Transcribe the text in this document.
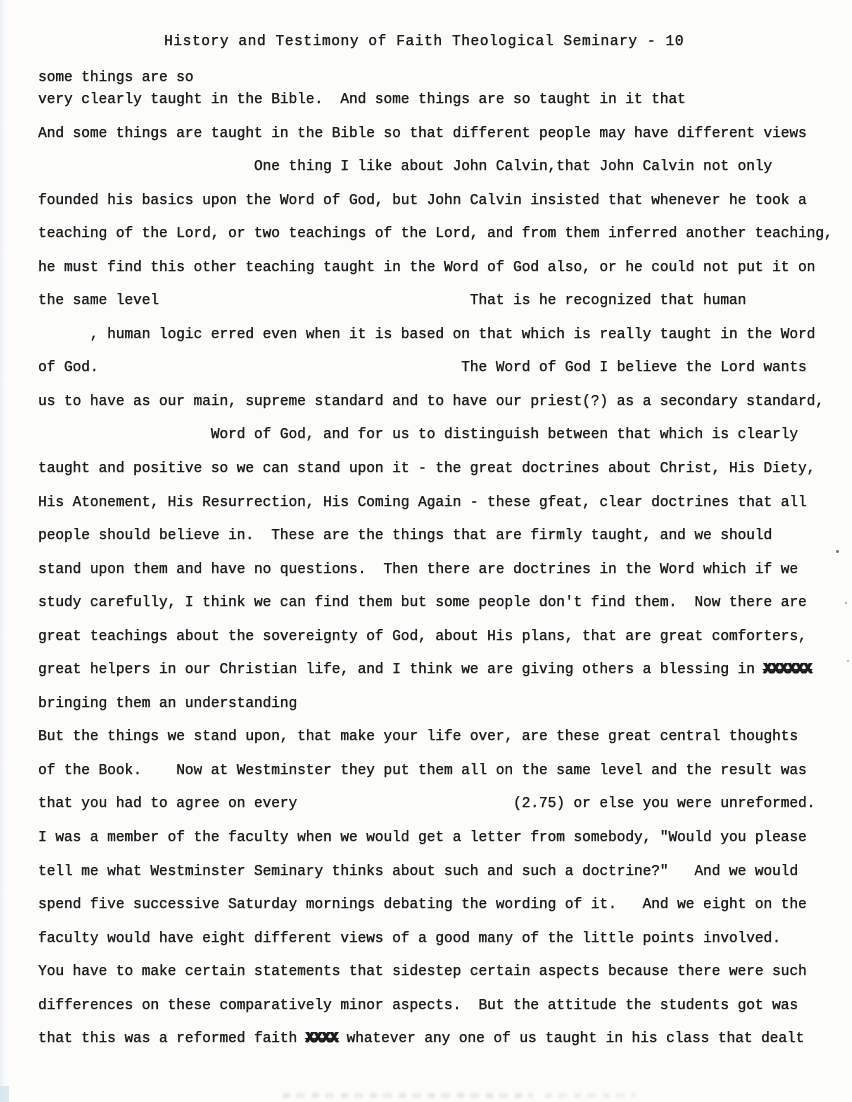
History and Testimony of Faith Theological Seminary - 10
some things are so
very clearly taught in the Bible.  And some things are so taught in it that
And some things are taught in the Bible so that different people may have different views
One thing I like about John Calvin,that John Calvin not only
founded his basics upon the Word of God, but John Calvin insisted that whenever he took a
teaching of the Lord, or two teachings of the Lord, and from them inferred another teaching,
he must find this other teaching taught in the Word of God also, or he could not put it on
the same level                                    That is he recognized that human
, human logic erred even when it is based on that which is really taught in the Word
of God.                                          The Word of God I believe the Lord wants
us to have as our main, supreme standard and to have our priest(?) as a secondary standard,
Word of God, and for us to distinguish between that which is clearly
taught and positive so we can stand upon it - the great doctrines about Christ, His Diety,
His Atonement, His Resurrection, His Coming Again - these gfeat, clear doctrines that all
people should believe in.  These are the things that are firmly taught, and we should
stand upon them and have no questions.  Then there are doctrines in the Word which if we
study carefully, I think we can find them but some people don't find them.  Now there are
great teachings about the sovereignty of God, about His plans, that are great comforters,
great helpers in our Christian life, and I think we are giving others a blessing in XXXXXX
bringing them an understanding
But the things we stand upon, that make your life over, are these great central thoughts
of the Book.    Now at Westminster they put them all on the same level and the result was
that you had to agree on every                         (2.75) or else you were unreformed.
I was a member of the faculty when we would get a letter from somebody, "Would you please
tell me what Westminster Seminary thinks about such and such a doctrine?"   And we would
spend five successive Saturday mornings debating the wording of it.   And we eight on the
faculty would have eight different views of a good many of the little points involved.
You have to make certain statements that sidestep certain aspects because there were such
differences on these comparatively minor aspects.  But the attitude the students got was
that this was a reformed faith XXXX whatever any one of us taught in his class that dealt
